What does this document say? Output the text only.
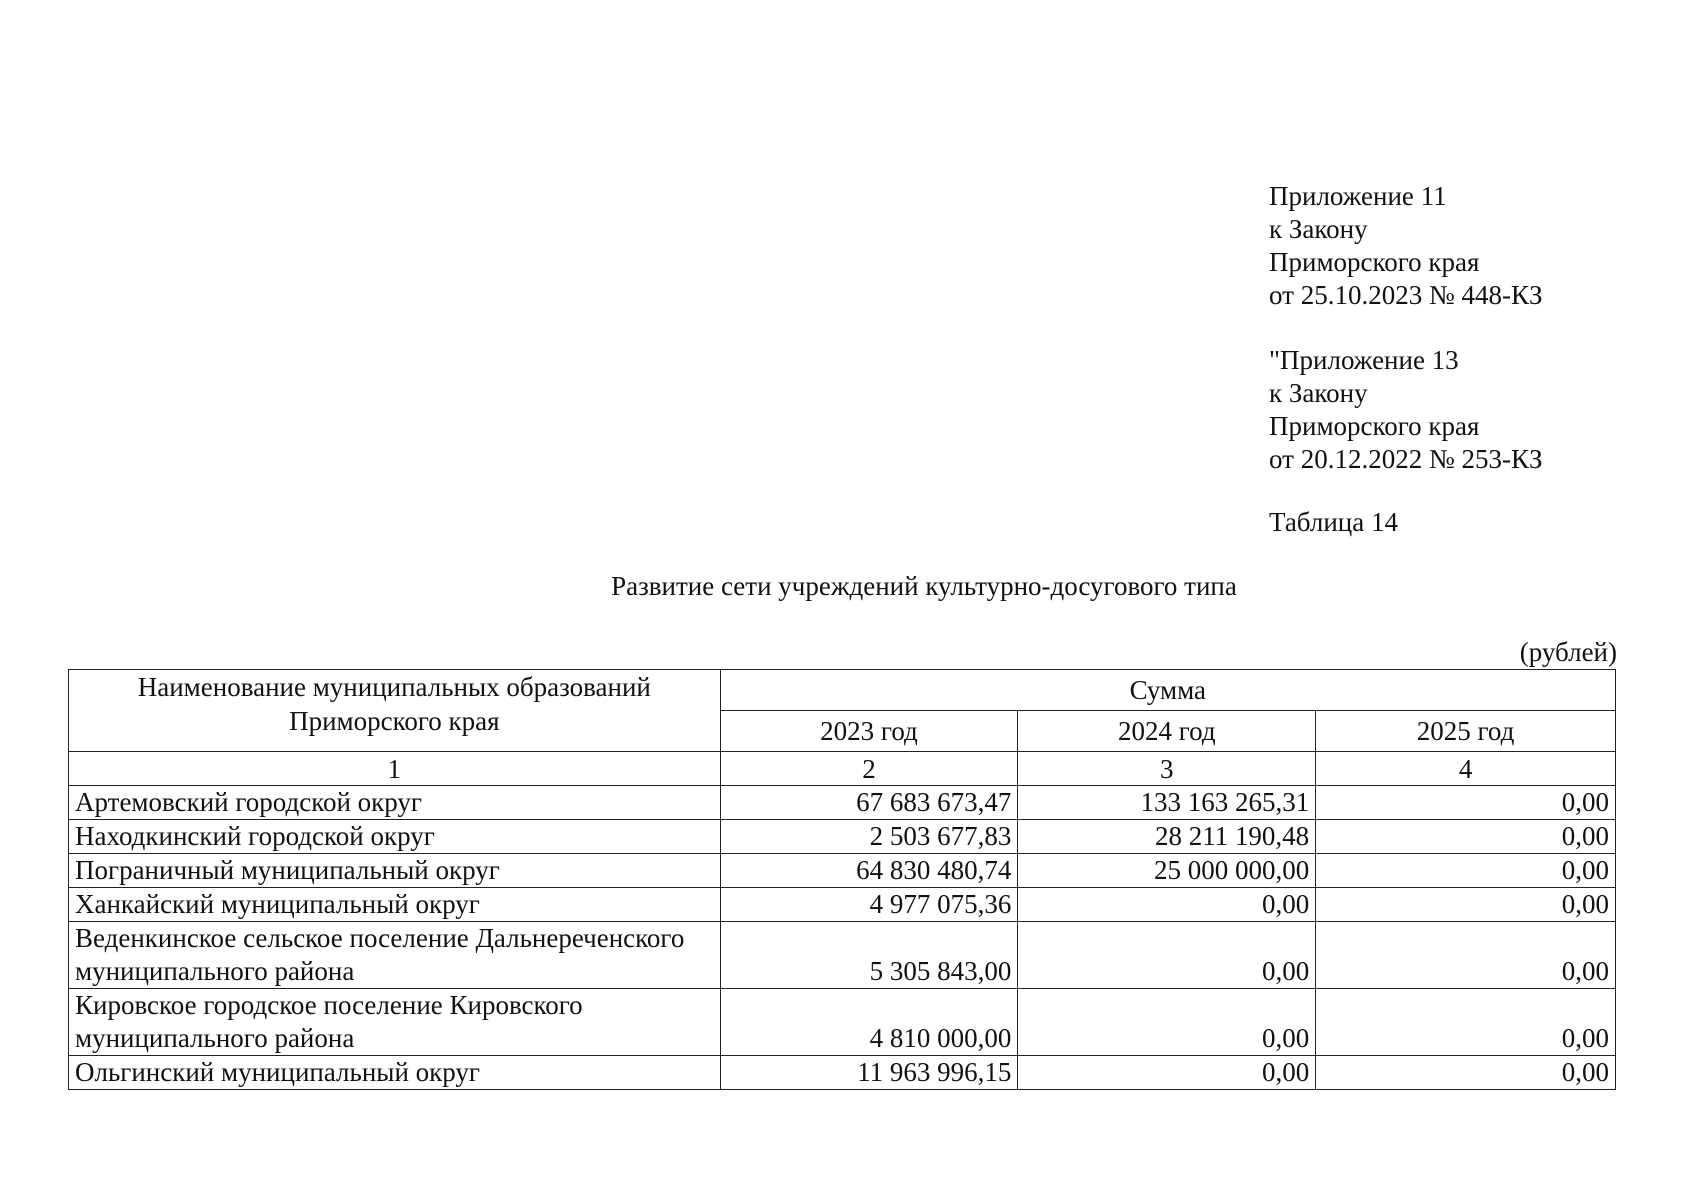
Приложение 11
к Закону
Приморского края
от 25.10.2023 № 448-КЗ
"Приложение 13
к Закону
Приморского края
от 20.12.2022 № 253-КЗ
Таблица 14
Развитие сети учреждений культурно-досугового типа
(рублей)
Наименование муниципальных образований Приморского края	Сумма		
	2023 год	2024 год	2025 год
1	2	3	4
Артемовский городской округ	67 683 673,47	133 163 265,31	0,00
Находкинский городской округ	2 503 677,83	28 211 190,48	0,00
Пограничный муниципальный округ	64 830 480,74	25 000 000,00	0,00
Ханкайский муниципальный округ	4 977 075,36	0,00	0,00
Веденкинское сельское поселение Дальнереченского муниципального района	5 305 843,00	0,00	0,00
Кировское городское поселение Кировского муниципального района	4 810 000,00	0,00	0,00
Ольгинский муниципальный округ	11 963 996,15	0,00	0,00
